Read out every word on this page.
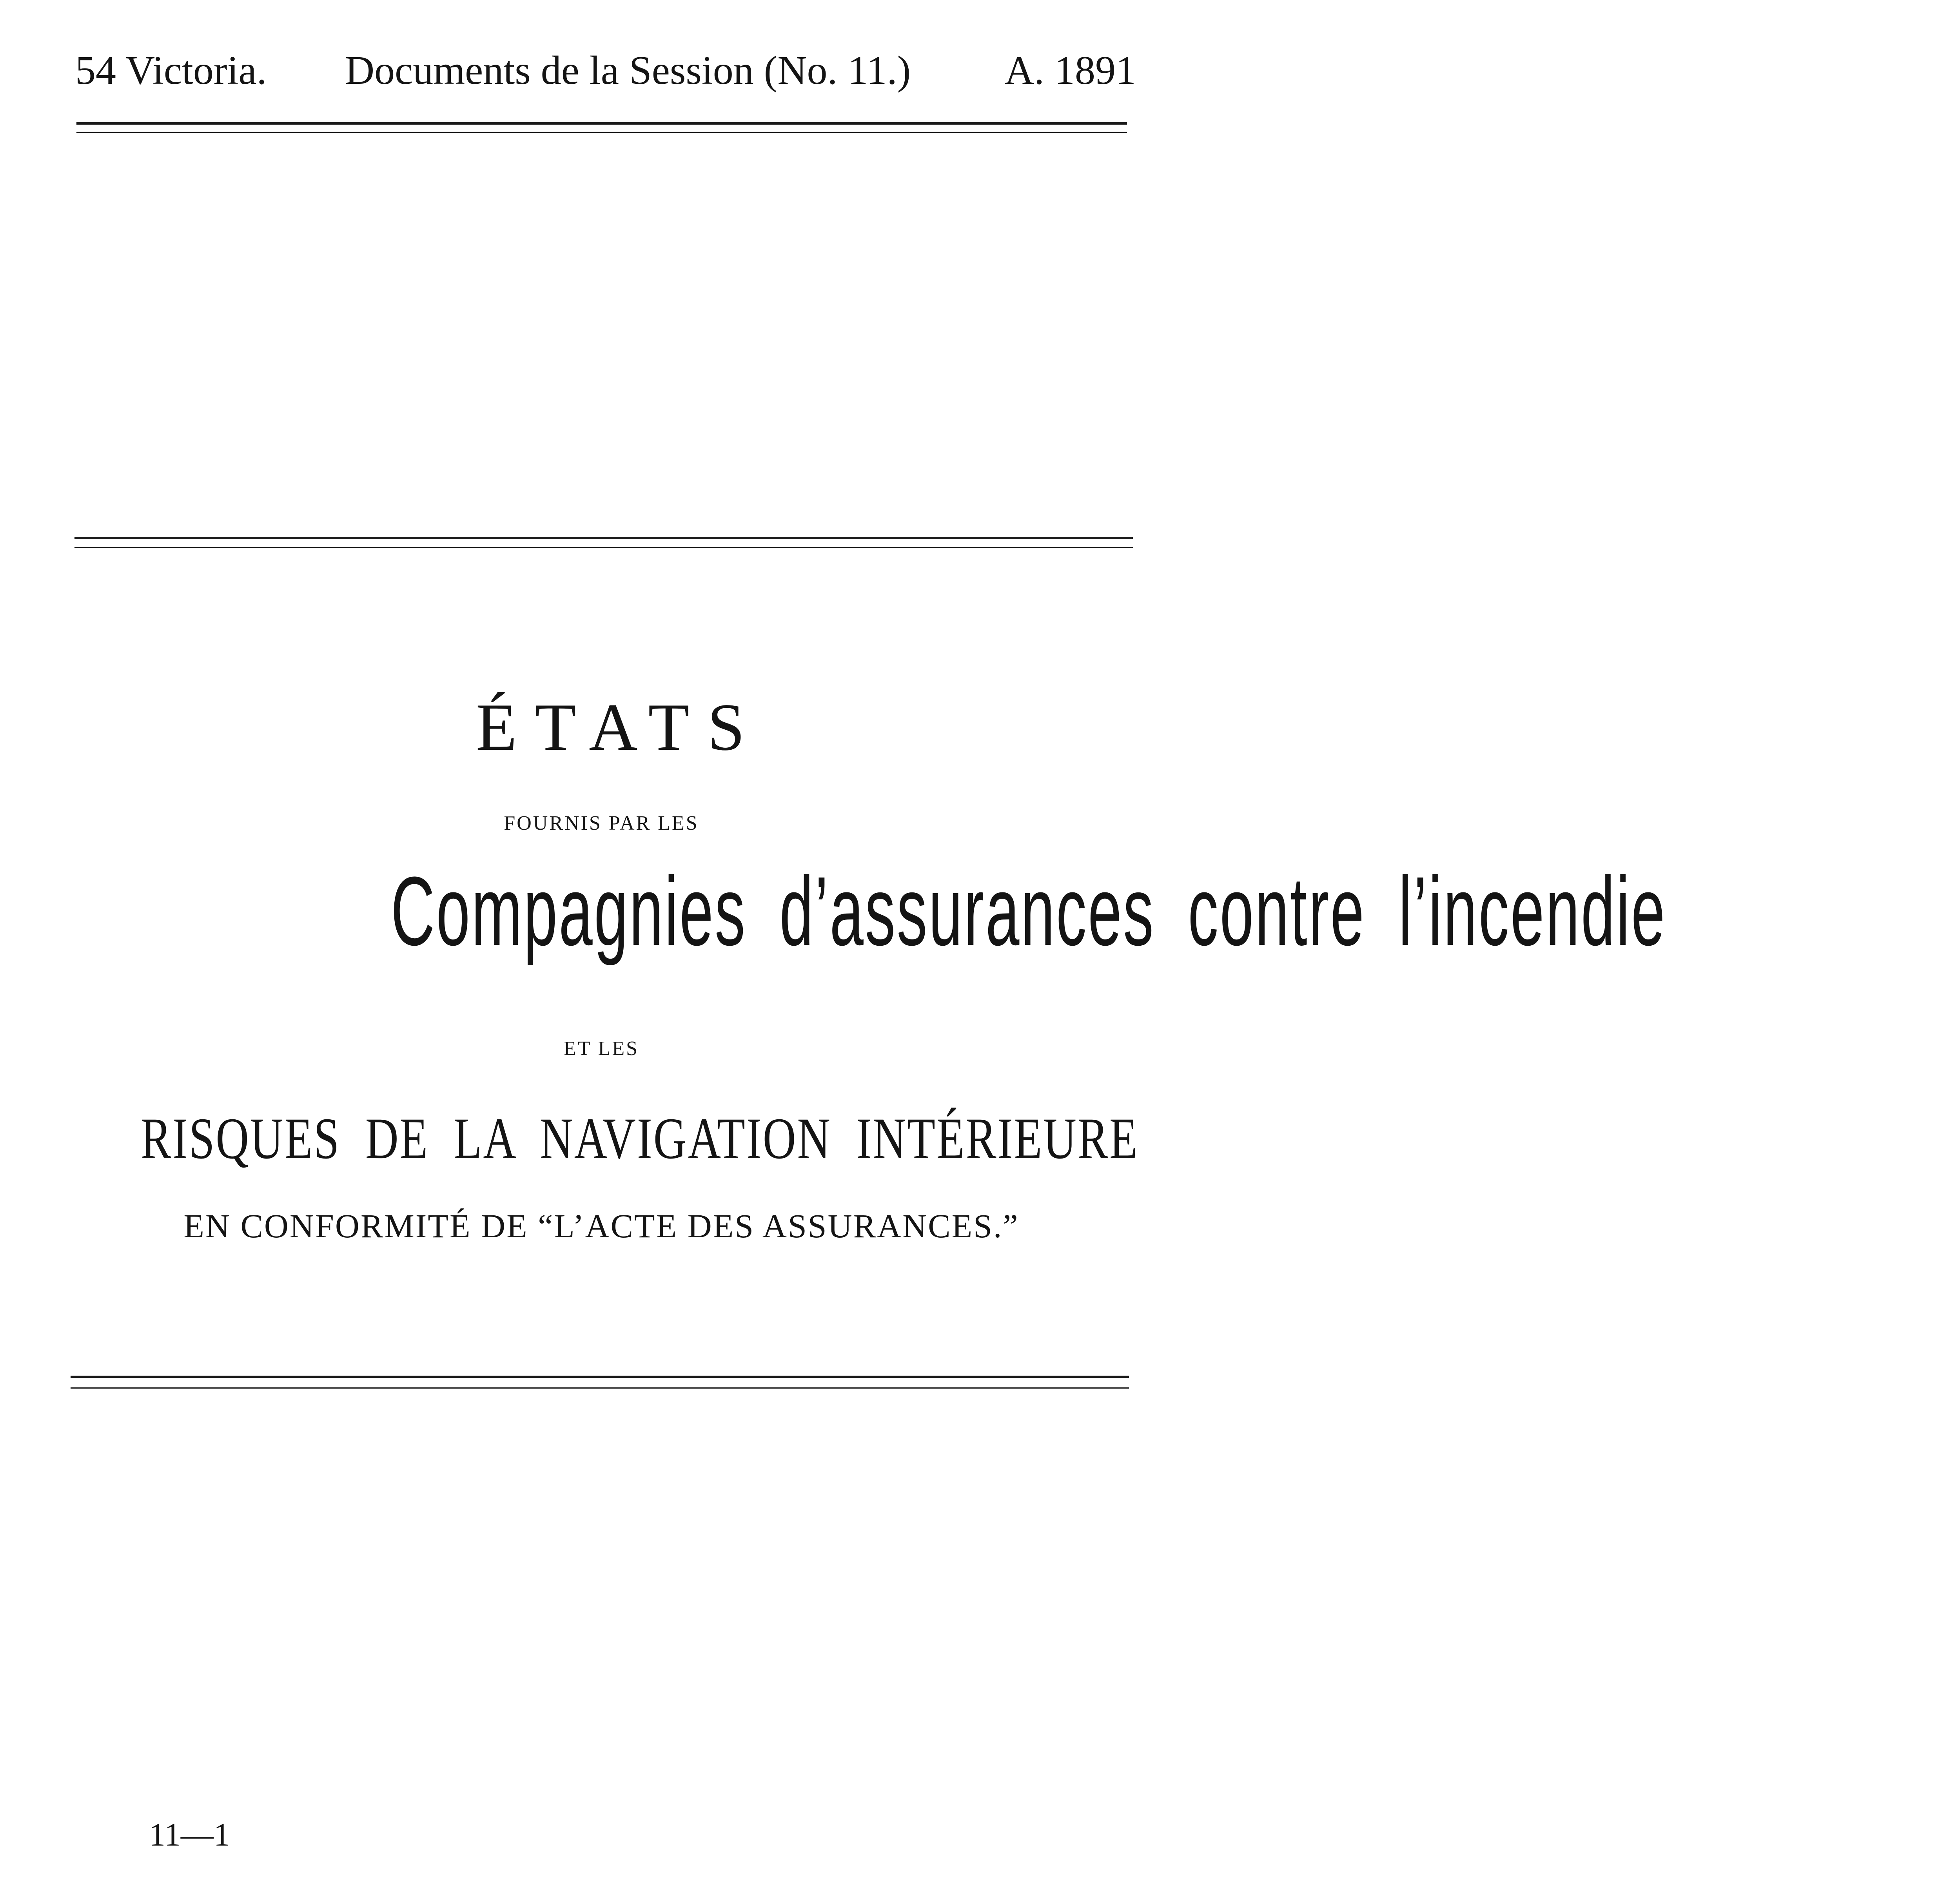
54 Victoria. Documents de la Session (No. 11.) A. 1891
ÉTATS
FOURNIS PAR LES
Compagnies d’assurances contre l’incendie
ET LES
RISQUES DE LA NAVIGATION INTÉRIEURE
EN CONFORMITÉ DE “L’ACTE DES ASSURANCES.”
11—1
